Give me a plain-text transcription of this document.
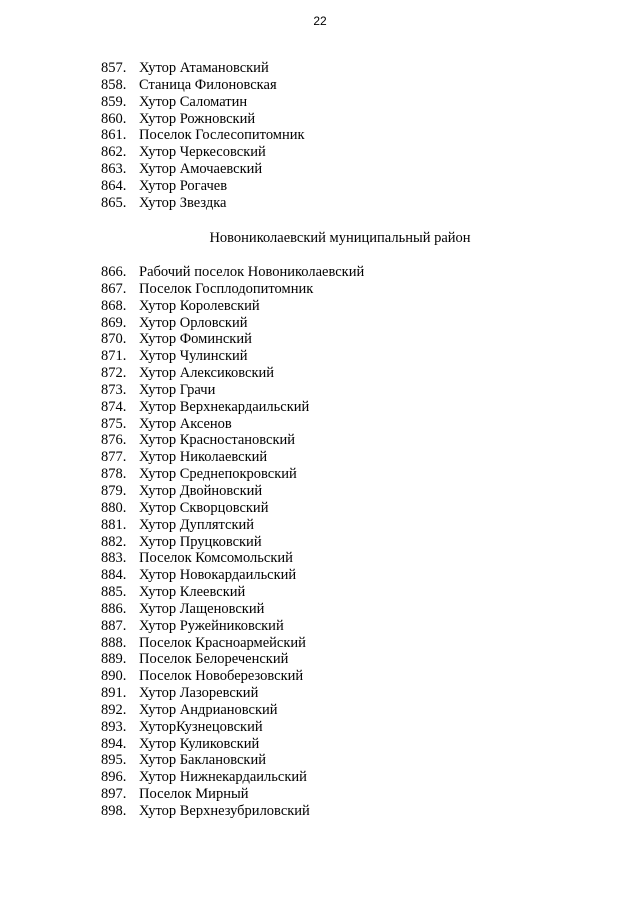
22
857. Хутор Атамановский
858. Станица Филоновская
859. Хутор Саломатин
860. Хутор Рожновский
861. Поселок Гослесопитомник
862. Хутор Черкесовский
863. Хутор Амочаевский
864. Хутор Рогачев
865. Хутор Звездка
Новониколаевский муниципальный район
866. Рабочий поселок Новониколаевский
867. Поселок Госплодопитомник
868. Хутор Королевский
869. Хутор Орловский
870. Хутор Фоминский
871. Хутор Чулинский
872. Хутор Алексиковский
873. Хутор Грачи
874. Хутор Верхнекардаильский
875. Хутор Аксенов
876. Хутор Красностановский
877. Хутор Николаевский
878. Хутор Среднепокровский
879. Хутор Двойновский
880. Хутор Скворцовский
881. Хутор Дуплятский
882. Хутор Пруцковский
883. Поселок Комсомольский
884. Хутор Новокардаильский
885. Хутор Клеевский
886. Хутор Лащеновский
887. Хутор Ружейниковский
888. Поселок Красноармейский
889. Поселок Белореченский
890. Поселок Новоберезовский
891. Хутор Лазоревский
892. Хутор Андриановский
893. ХуторКузнецовский
894. Хутор Куликовский
895. Хутор Баклановский
896. Хутор Нижнекардаильский
897. Поселок Мирный
898. Хутор Верхнезубриловский
